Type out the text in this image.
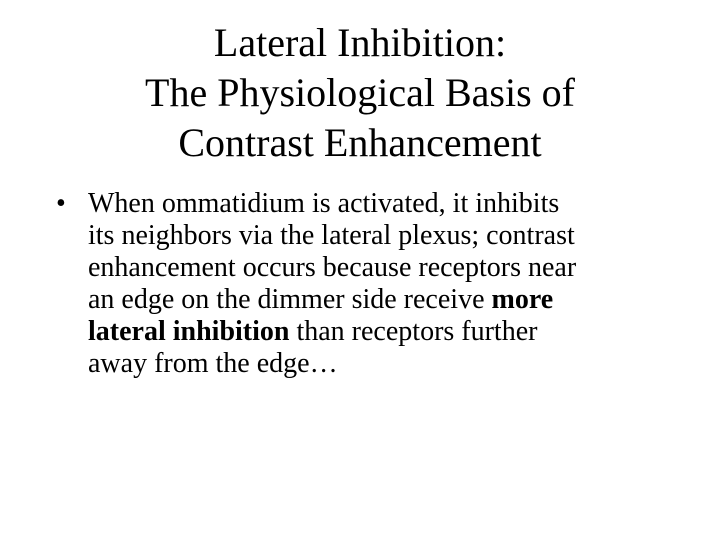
Lateral Inhibition:
The Physiological Basis of
Contrast Enhancement
• When ommatidium is activated, it inhibits
its neighbors via the lateral plexus; contrast
enhancement occurs because receptors near
an edge on the dimmer side receive more
lateral inhibition than receptors further
away from the edge…
